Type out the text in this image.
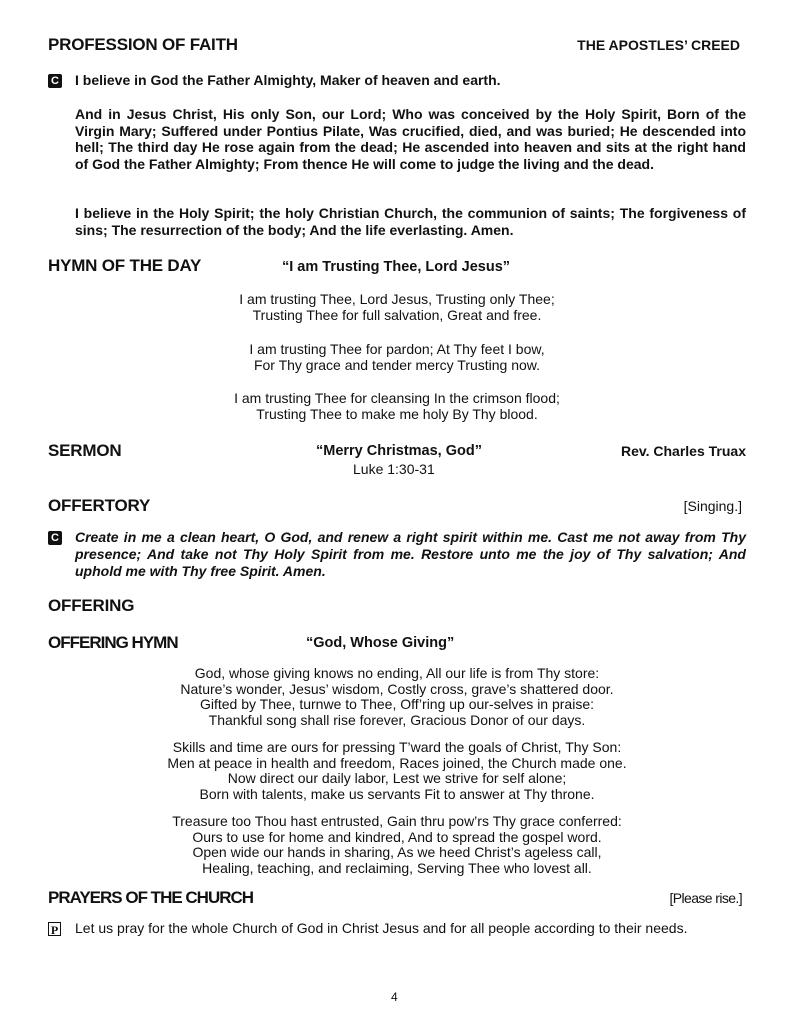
PROFESSION OF FAITH	THE APOSTLES’ CREED
C I believe in God the Father Almighty, Maker of heaven and earth.
And in Jesus Christ, His only Son, our Lord; Who was conceived by the Holy Spirit, Born of the Virgin Mary; Suffered under Pontius Pilate, Was crucified, died, and was buried; He descended into hell; The third day He rose again from the dead; He ascended into heaven and sits at the right hand of God the Father Almighty; From thence He will come to judge the living and the dead.
I believe in the Holy Spirit; the holy Christian Church, the communion of saints; The forgiveness of sins; The resurrection of the body; And the life everlasting. Amen.
HYMN OF THE DAY	“I am Trusting Thee, Lord Jesus”
I am trusting Thee, Lord Jesus, Trusting only Thee;
Trusting Thee for full salvation, Great and free.
I am trusting Thee for pardon; At Thy feet I bow,
For Thy grace and tender mercy Trusting now.
I am trusting Thee for cleansing In the crimson flood;
Trusting Thee to make me holy By Thy blood.
SERMON	“Merry Christmas, God”
Luke 1:30-31
Rev. Charles Truax
OFFERTORY	[Singing.]
C Create in me a clean heart, O God, and renew a right spirit within me. Cast me not away from Thy presence; And take not Thy Holy Spirit from me. Restore unto me the joy of Thy salvation; And uphold me with Thy free Spirit. Amen.
OFFERING
OFFERING HYMN	“God, Whose Giving”
God, whose giving knows no ending, All our life is from Thy store:
Nature’s wonder, Jesus’ wisdom, Costly cross, grave’s shattered door.
Gifted by Thee, turnwe to Thee, Off’ring up our-selves in praise:
Thankful song shall rise forever, Gracious Donor of our days.
Skills and time are ours for pressing T’ward the goals of Christ, Thy Son:
Men at peace in health and freedom, Races joined, the Church made one.
Now direct our daily labor, Lest we strive for self alone;
Born with talents, make us servants Fit to answer at Thy throne.
Treasure too Thou hast entrusted, Gain thru pow’rs Thy grace conferred:
Ours to use for home and kindred, And to spread the gospel word.
Open wide our hands in sharing, As we heed Christ’s ageless call,
Healing, teaching, and reclaiming, Serving Thee who lovest all.
PRAYERS OF THE CHURCH	[Please rise.]
P Let us pray for the whole Church of God in Christ Jesus and for all people according to their needs.
4
